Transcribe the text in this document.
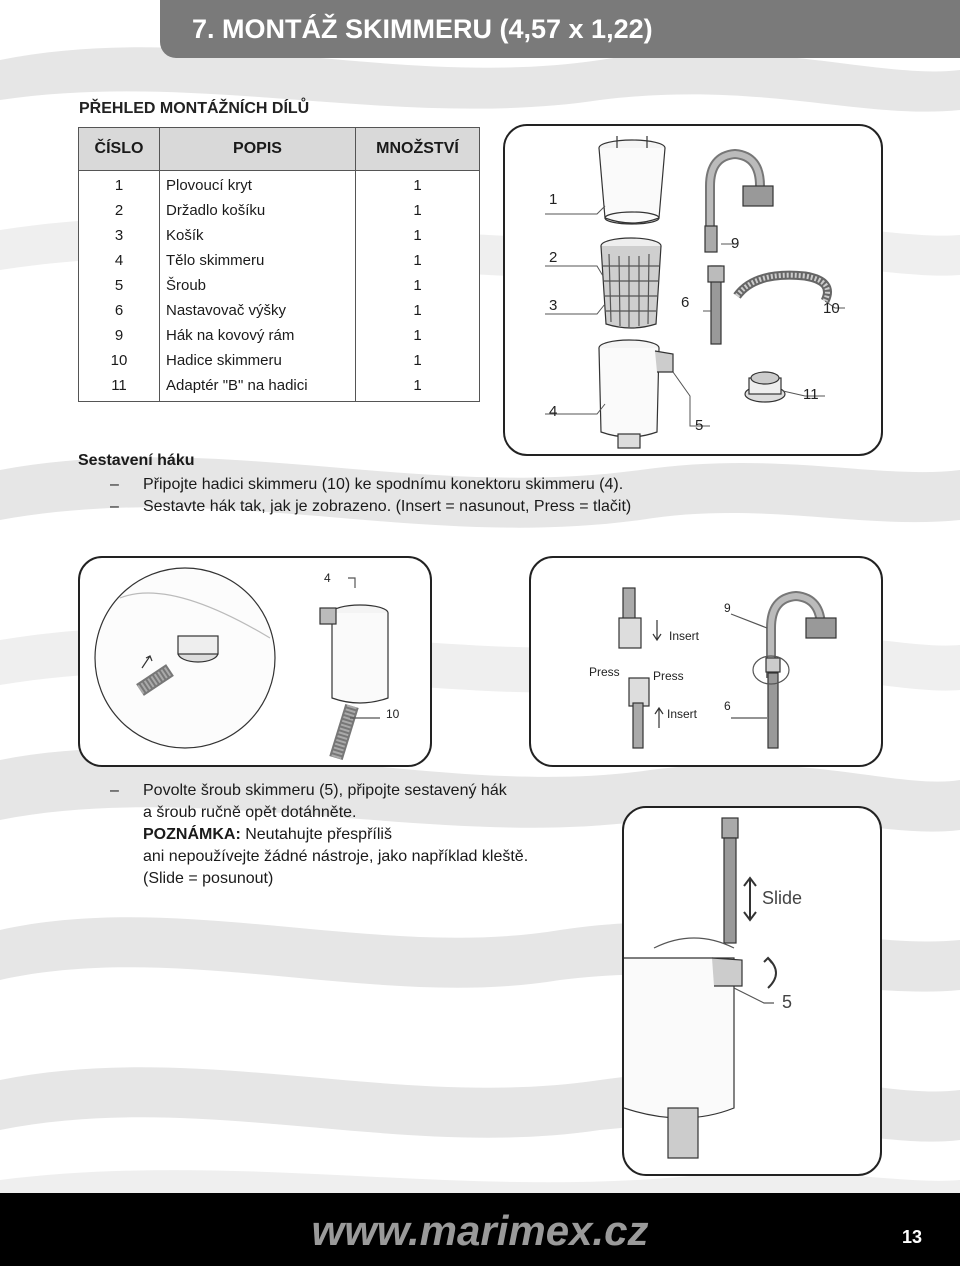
7. MONTÁŽ SKIMMERU (4,57 x 1,22)
PŘEHLED MONTÁŽNÍCH DÍLŮ
ČÍSLO	POPIS	MNOŽSTVÍ
1	Plovoucí kryt	1
2	Držadlo košíku	1
3	Košík	1
4	Tělo skimmeru	1
5	Šroub	1
6	Nastavovač výšky	1
9	Hák na kovový rám	1
10	Hadice skimmeru	1
11	Adaptér "B" na hadici	1
1
2
3
4
5
6
9
10
11
Sestavení háku
– Připojte hadici skimmeru (10) ke spodnímu konektoru skimmeru (4).
– Sestavte hák tak, jak je zobrazeno. (Insert = nasunout, Press = tlačit)
4
10
9
6
Insert
Press	Press
Insert
– Povolte šroub skimmeru (5), připojte sestavený hák
a šroub ručně opět dotáhněte.
POZNÁMKA: Neutahujte přespříliš
ani nepoužívejte žádné nástroje, jako například kleště.
(Slide = posunout)
Slide
5
www.marimex.cz	13
